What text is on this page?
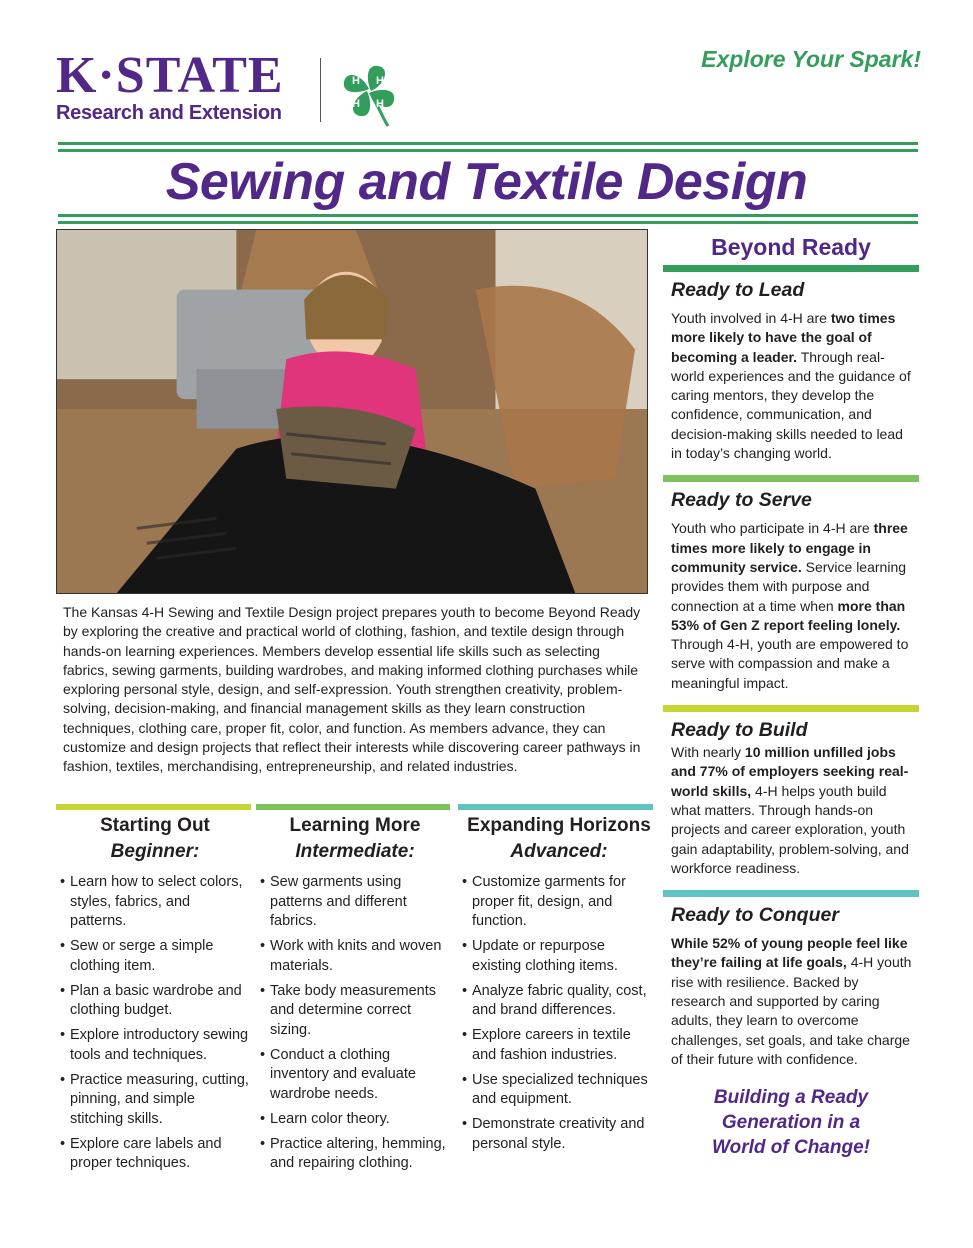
K·STATE
Research and Extension
H H
H H
Explore Your Spark!
Sewing and Textile Design

The Kansas 4-H Sewing and Textile Design project prepares youth to become Beyond Ready by exploring the creative and practical world of clothing, fashion, and textile design through hands-on learning experiences. Members develop essential life skills such as selecting fabrics, sewing garments, building wardrobes, and making informed clothing purchases while exploring personal style, design, and self-expression. Youth strengthen creativity, problem-solving, decision-making, and financial management skills as they learn construction techniques, clothing care, proper fit, color, and function. As members advance, they can customize and design projects that reflect their interests while discovering career pathways in fashion, textiles, merchandising, entrepreneurship, and related industries.

Starting Out
Beginner:
• Learn how to select colors, styles, fabrics, and patterns.
• Sew or serge a simple clothing item.
• Plan a basic wardrobe and clothing budget.
• Explore introductory sewing tools and techniques.
• Practice measuring, cutting, pinning, and simple stitching skills.
• Explore care labels and proper techniques.
Learning More
Intermediate:
• Sew garments using patterns and different fabrics.
• Work with knits and woven materials.
• Take body measurements and determine correct sizing.
• Conduct a clothing inventory and evaluate wardrobe needs.
• Learn color theory.
• Practice altering, hemming, and repairing clothing.
Expanding Horizons
Advanced:
• Customize garments for proper fit, design, and function.
• Update or repurpose existing clothing items.
• Analyze fabric quality, cost, and brand differences.
• Explore careers in textile and fashion industries.
• Use specialized techniques and equipment.
• Demonstrate creativity and personal style.
Beyond Ready
Ready to Lead

Youth involved in 4-H are two times more likely to have the goal of becoming a leader. Through real-world experiences and the guidance of caring mentors, they develop the confidence, communication, and decision-making skills needed to lead in today’s changing world.

Ready to Serve

Youth who participate in 4-H are three times more likely to engage in community service. Service learning provides them with purpose and connection at a time when more than 53% of Gen Z report feeling lonely. Through 4-H, youth are empowered to serve with compassion and make a meaningful impact.

Ready to Build

With nearly 10 million unfilled jobs and 77% of employers seeking real-world skills, 4-H helps youth build what matters. Through hands-on projects and career exploration, youth gain adaptability, problem-solving, and workforce readiness.

Ready to Conquer

While 52% of young people feel like they’re failing at life goals, 4-H youth rise with resilience. Backed by research and supported by caring adults, they learn to overcome challenges, set goals, and take charge of their future with confidence.

Building a Ready
Generation in a
World of Change!
